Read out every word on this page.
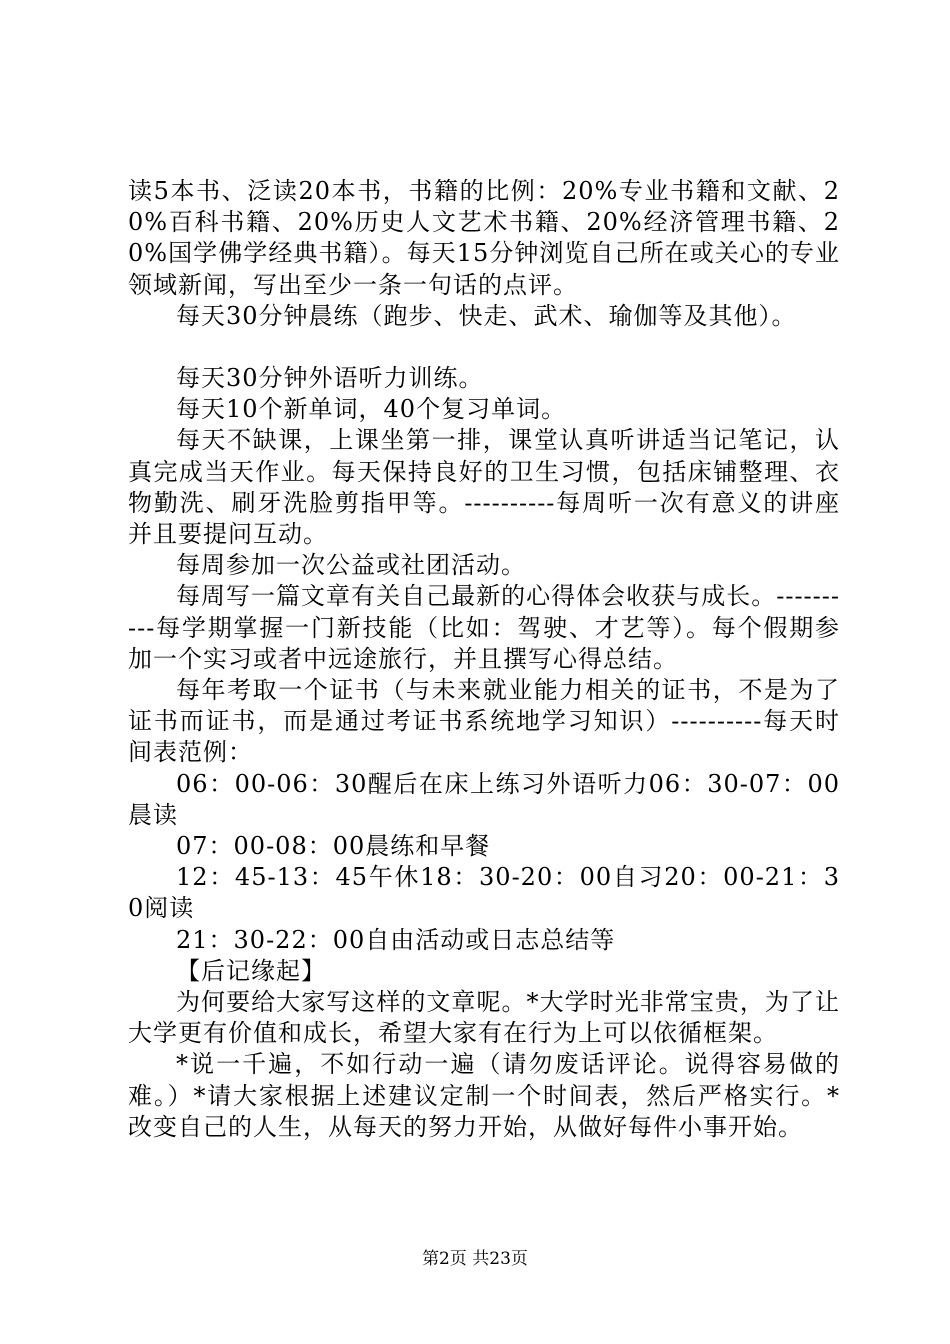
读5本书、泛读20本书，书籍的比例：20%专业书籍和文献、20%百科书籍、20%历史人文艺术书籍、20%经济管理书籍、20%国学佛学经典书籍）。每天15分钟浏览自己所在或关心的专业领域新闻，写出至少一条一句话的点评。

每天30分钟晨练（跑步、快走、武术、瑜伽等及其他）。

每天30分钟外语听力训练。

每天10个新单词，40个复习单词。

每天不缺课，上课坐第一排，课堂认真听讲适当记笔记，认真完成当天作业。每天保持良好的卫生习惯，包括床铺整理、衣物勤洗、刷牙洗脸剪指甲等。----------每周听一次有意义的讲座并且要提问互动。

每周参加一次公益或社团活动。

每周写一篇文章有关自己最新的心得体会收获与成长。----------每学期掌握一门新技能（比如：驾驶、才艺等）。每个假期参加一个实习或者中远途旅行，并且撰写心得总结。

每年考取一个证书（与未来就业能力相关的证书，不是为了证书而证书，而是通过考证书系统地学习知识）----------每天时间表范例：

06：00-06：30醒后在床上练习外语听力06：30-07：00晨读

07：00-08：00晨练和早餐

12：45-13：45午休18：30-20：00自习20：00-21：30阅读

21：30-22：00自由活动或日志总结等

【后记缘起】

为何要给大家写这样的文章呢。*大学时光非常宝贵，为了让大学更有价值和成长，希望大家有在行为上可以依循框架。

*说一千遍，不如行动一遍（请勿废话评论。说得容易做的难。）*请大家根据上述建议定制一个时间表，然后严格实行。*改变自己的人生，从每天的努力开始，从做好每件小事开始。

第2页 共23页
